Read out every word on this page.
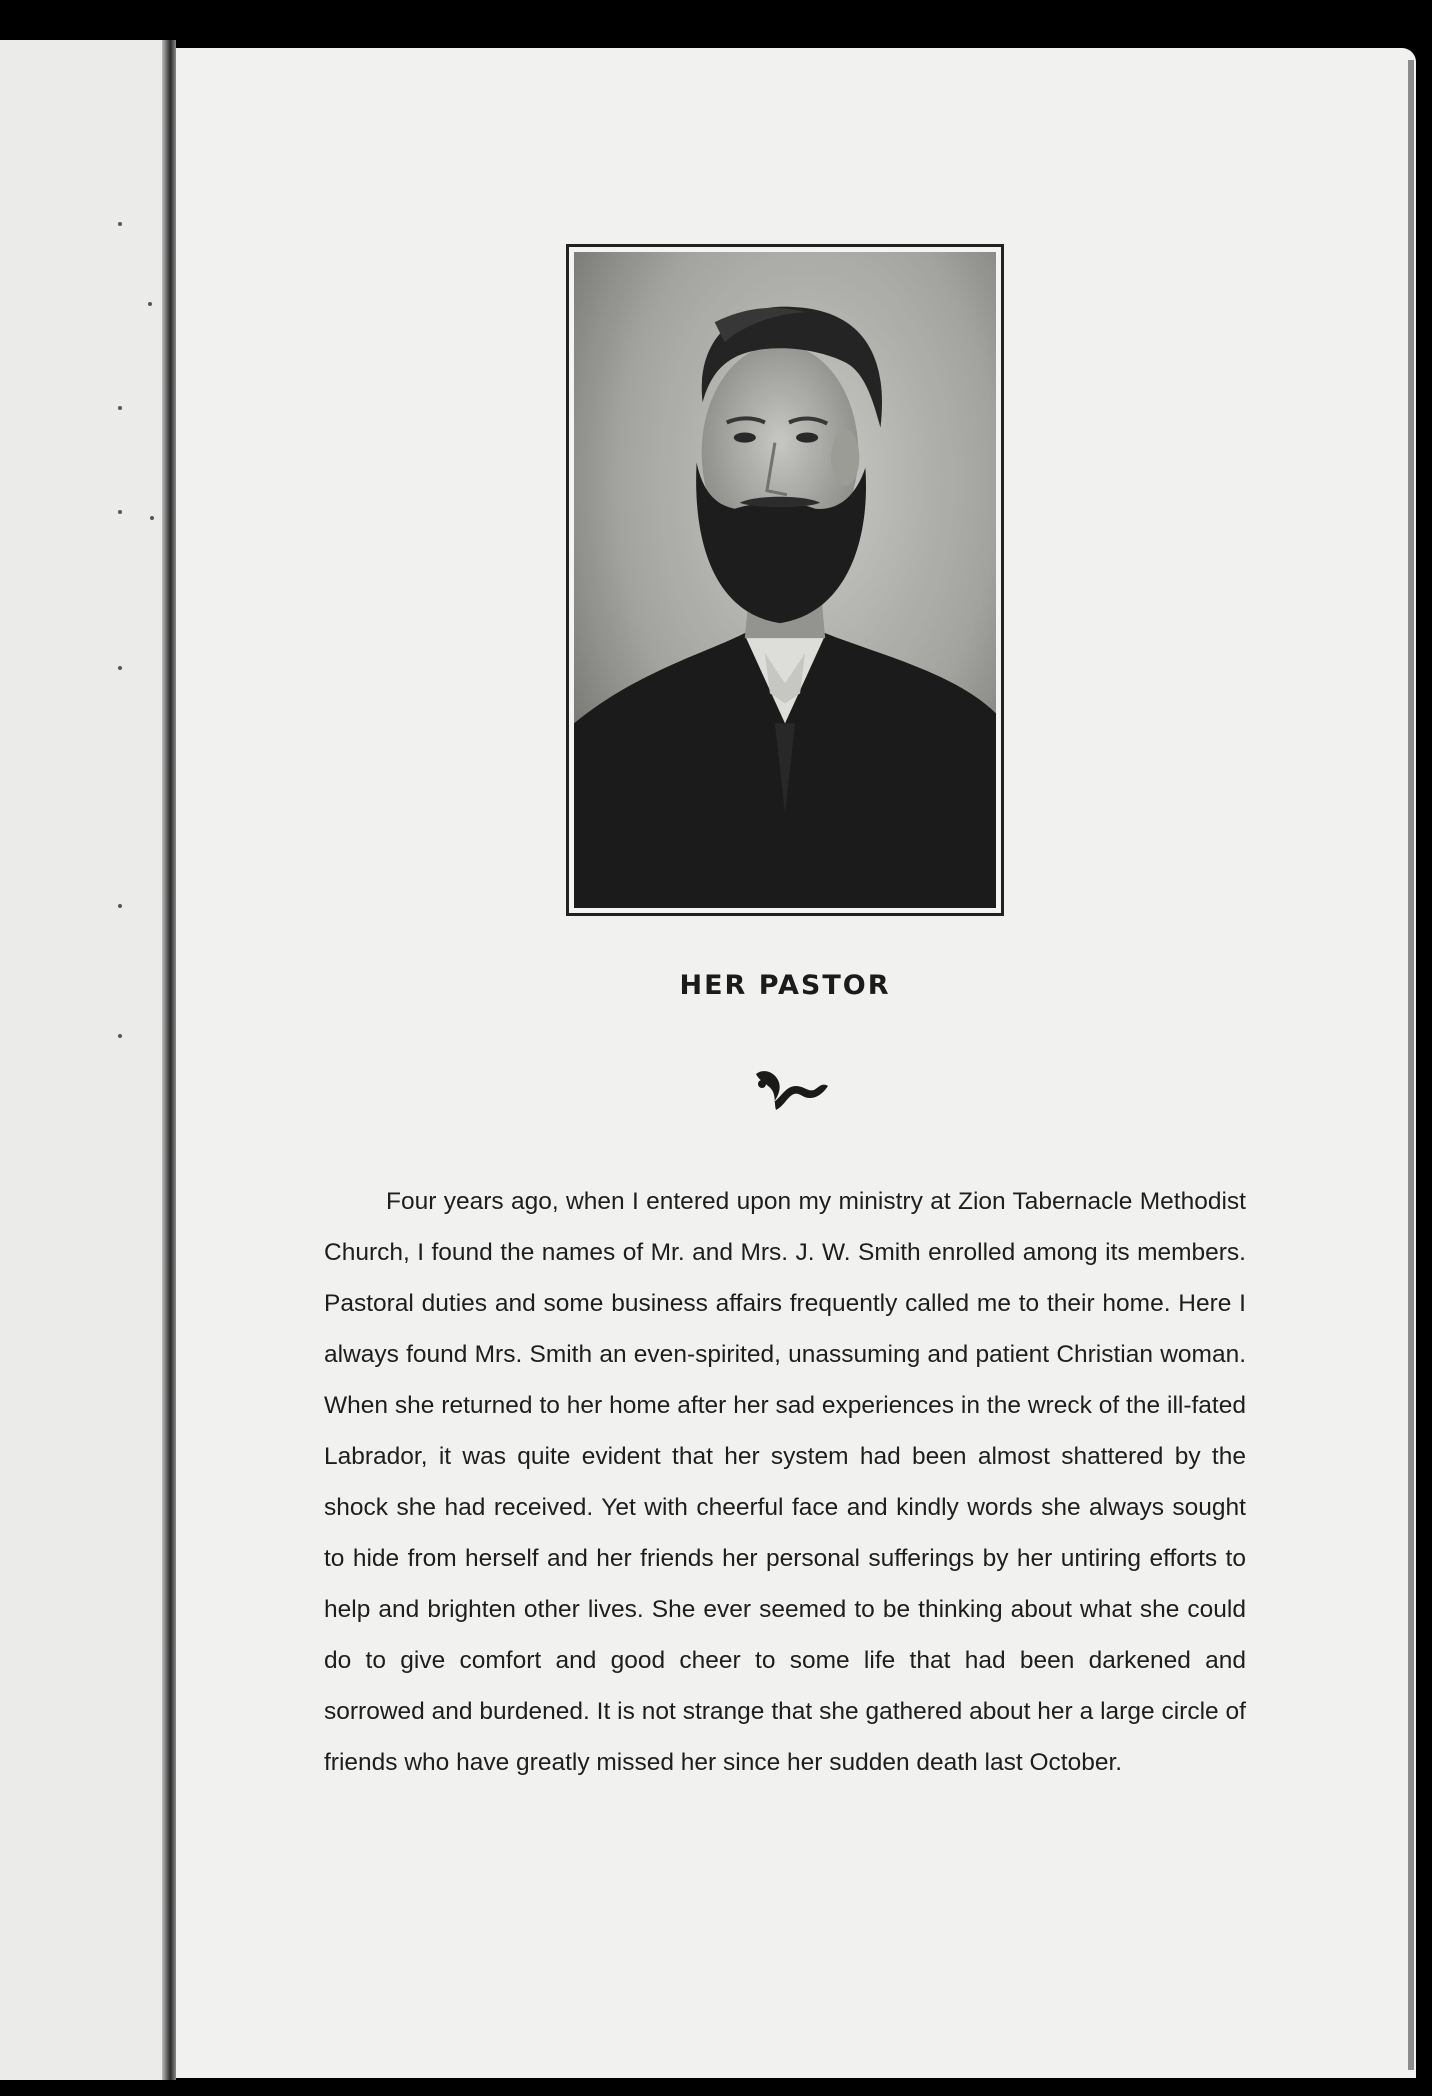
HER PASTOR

Four years ago, when I entered upon my ministry at Zion Tabernacle Methodist Church, I found the names of Mr. and Mrs. J. W. Smith enrolled among its members. Pastoral duties and some business affairs frequently called me to their home. Here I always found Mrs. Smith an even-spirited, unassuming and patient Christian woman. When she returned to her home after her sad experiences in the wreck of the ill-fated Labrador, it was quite evident that her system had been almost shattered by the shock she had received. Yet with cheerful face and kindly words she always sought to hide from herself and her friends her personal sufferings by her untiring efforts to help and brighten other lives. She ever seemed to be thinking about what she could do to give comfort and good cheer to some life that had been darkened and sorrowed and burdened. It is not strange that she gathered about her a large circle of friends who have greatly missed her since her sudden death last October.
